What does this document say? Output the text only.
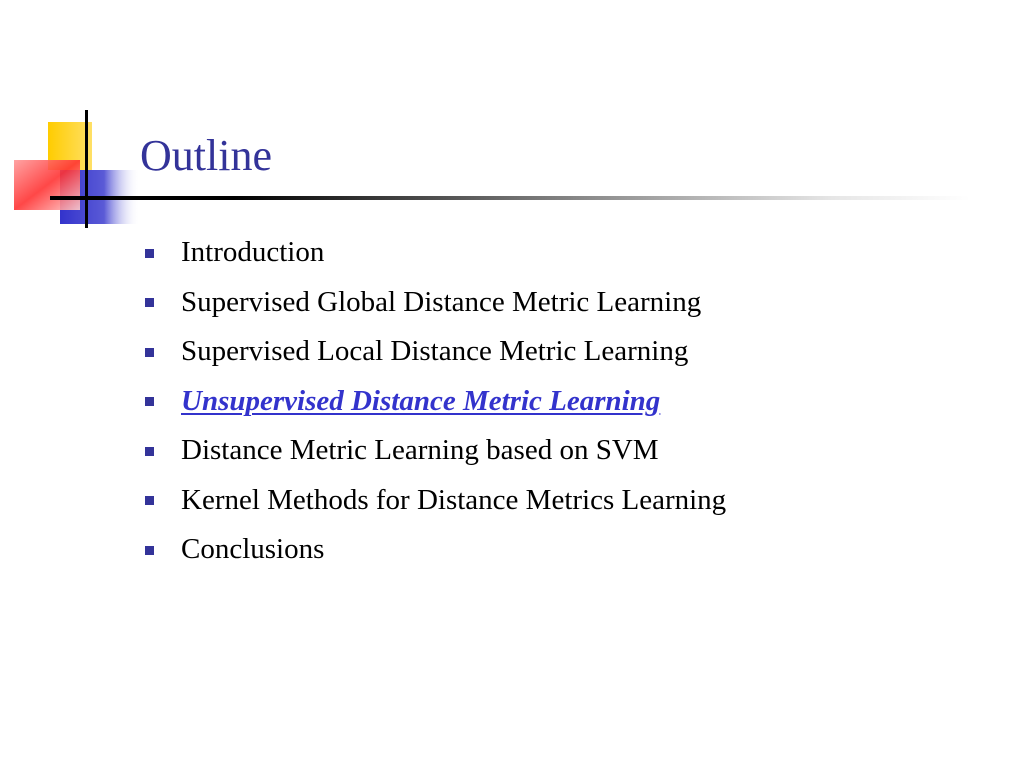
Outline
Introduction
Supervised Global Distance Metric Learning
Supervised Local Distance Metric Learning
Unsupervised Distance Metric Learning
Distance Metric Learning based on SVM
Kernel Methods for Distance Metrics Learning
Conclusions
